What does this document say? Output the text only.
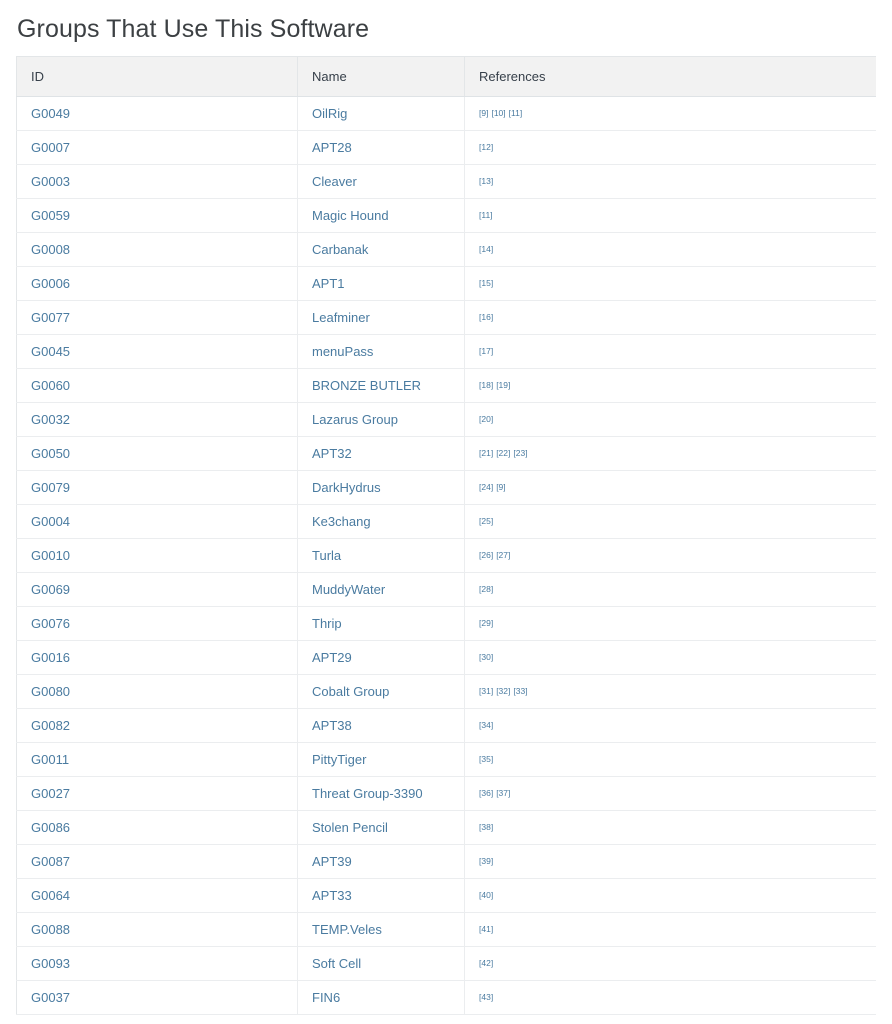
Groups That Use This Software
ID	Name	References
G0049	OilRig	[9] [10] [11]
G0007	APT28	[12]
G0003	Cleaver	[13]
G0059	Magic Hound	[11]
G0008	Carbanak	[14]
G0006	APT1	[15]
G0077	Leafminer	[16]
G0045	menuPass	[17]
G0060	BRONZE BUTLER	[18] [19]
G0032	Lazarus Group	[20]
G0050	APT32	[21] [22] [23]
G0079	DarkHydrus	[24] [9]
G0004	Ke3chang	[25]
G0010	Turla	[26] [27]
G0069	MuddyWater	[28]
G0076	Thrip	[29]
G0016	APT29	[30]
G0080	Cobalt Group	[31] [32] [33]
G0082	APT38	[34]
G0011	PittyTiger	[35]
G0027	Threat Group-3390	[36] [37]
G0086	Stolen Pencil	[38]
G0087	APT39	[39]
G0064	APT33	[40]
G0088	TEMP.Veles	[41]
G0093	Soft Cell	[42]
G0037	FIN6	[43]
